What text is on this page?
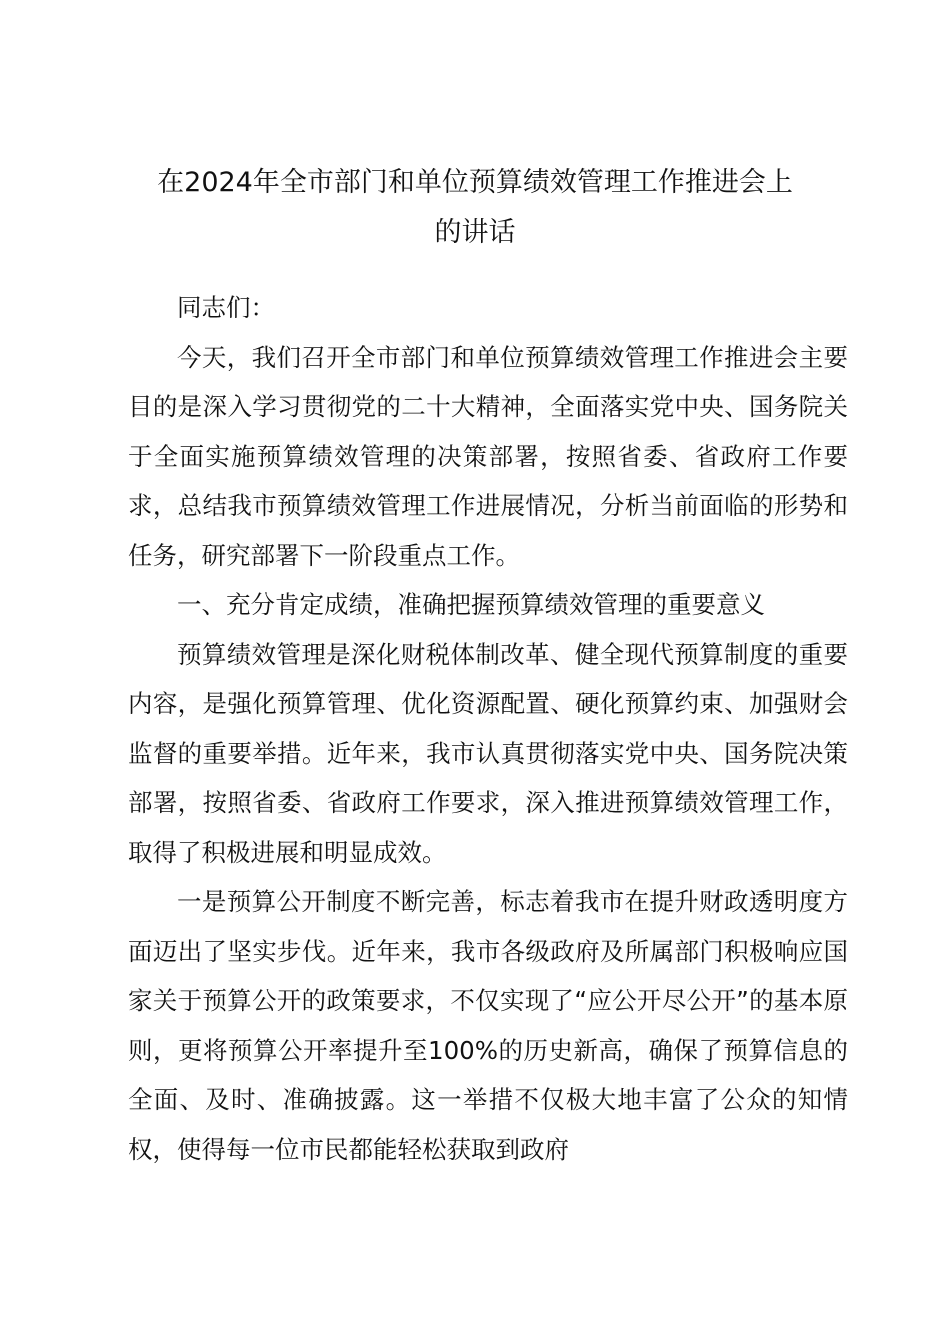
在2024年全市部门和单位预算绩效管理工作推进会上
的讲话

同志们：

今天，我们召开全市部门和单位预算绩效管理工作推进会主要目的是深入学习贯彻党的二十大精神，全面落实党中央、国务院关于全面实施预算绩效管理的决策部署，按照省委、省政府工作要求，总结我市预算绩效管理工作进展情况，分析当前面临的形势和任务，研究部署下一阶段重点工作。

一、充分肯定成绩，准确把握预算绩效管理的重要意义

预算绩效管理是深化财税体制改革、健全现代预算制度的重要内容，是强化预算管理、优化资源配置、硬化预算约束、加强财会监督的重要举措。近年来，我市认真贯彻落实党中央、国务院决策部署，按照省委、省政府工作要求，深入推进预算绩效管理工作，取得了积极进展和明显成效。

一是预算公开制度不断完善，标志着我市在提升财政透明度方面迈出了坚实步伐。近年来，我市各级政府及所属部门积极响应国家关于预算公开的政策要求，不仅实现了“应公开尽公开”的基本原则，更将预算公开率提升至100%的历史新高，确保了预算信息的全面、及时、准确披露。这一举措不仅极大地丰富了公众的知情权，使得每一位市民都能轻松获取到政府
